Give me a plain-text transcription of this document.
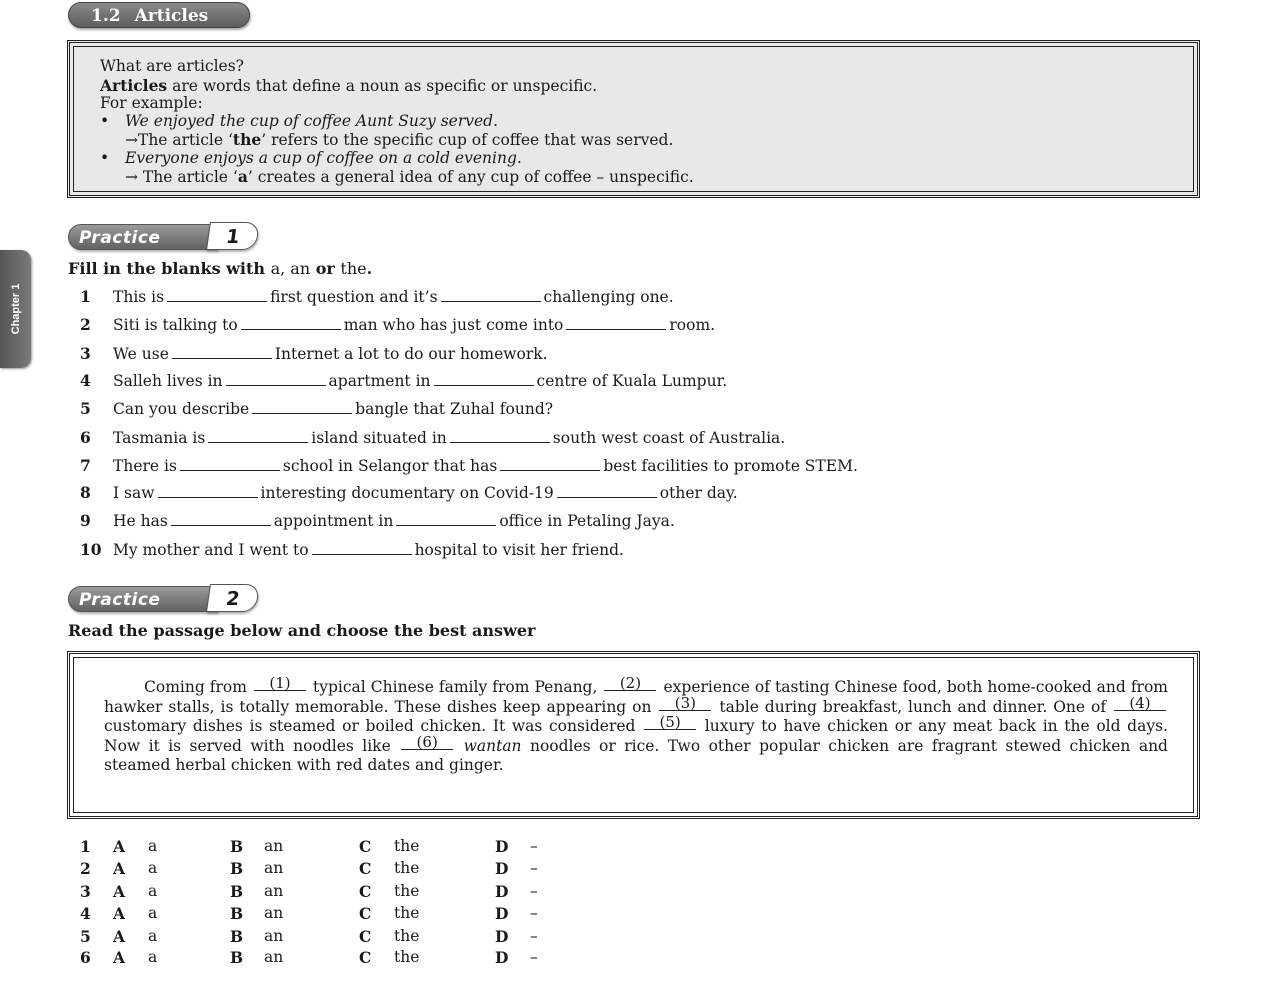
1.2 Articles
What are articles?
Articles are words that define a noun as specific or unspecific.
For example:
• We enjoyed the cup of coffee Aunt Suzy served.
→The article ‘the’ refers to the specific cup of coffee that was served.
• Everyone enjoys a cup of coffee on a cold evening.
→ The article ‘a’ creates a general idea of any cup of coffee – unspecific.
Chapter 1
Practice	1
Fill in the blanks with a, an or the.
1 This is	first question and it’s	challenging one.
2 Siti is talking to	man who has just come into	room.
3 We use	Internet a lot to do our homework.
4 Salleh lives in	apartment in	centre of Kuala Lumpur.
5 Can you describe	bangle that Zuhal found?
6 Tasmania is	island situated in	south west coast of Australia.
7 There is	school in Selangor that has	best facilities to promote STEM.
8 I saw	interesting documentary on Covid-19	other day.
9 He has	appointment in	office in Petaling Jaya.
10 My mother and I went to	hospital to visit her friend.
Practice	2
Read the passage below and choose the best answer

Coming from (1) typical Chinese family from Penang, (2) experience of tasting Chinese food, both home-cooked and from hawker stalls, is totally memorable. These dishes keep appearing on (3) table during breakfast, lunch and dinner. One of (4) customary dishes is steamed or boiled chicken. It was considered (5) luxury to have chicken or any meat back in the old days. Now it is served with noodles like (6) wantan noodles or rice. Two other popular chicken are fragrant stewed chicken and steamed herbal chicken with red dates and ginger.

1 A a	B an	C the	D –
2 A a	B an	C the	D –
3 A a	B an	C the	D –
4 A a	B an	C the	D –
5 A a	B an	C the	D –
6 A a	B an	C the	D –
